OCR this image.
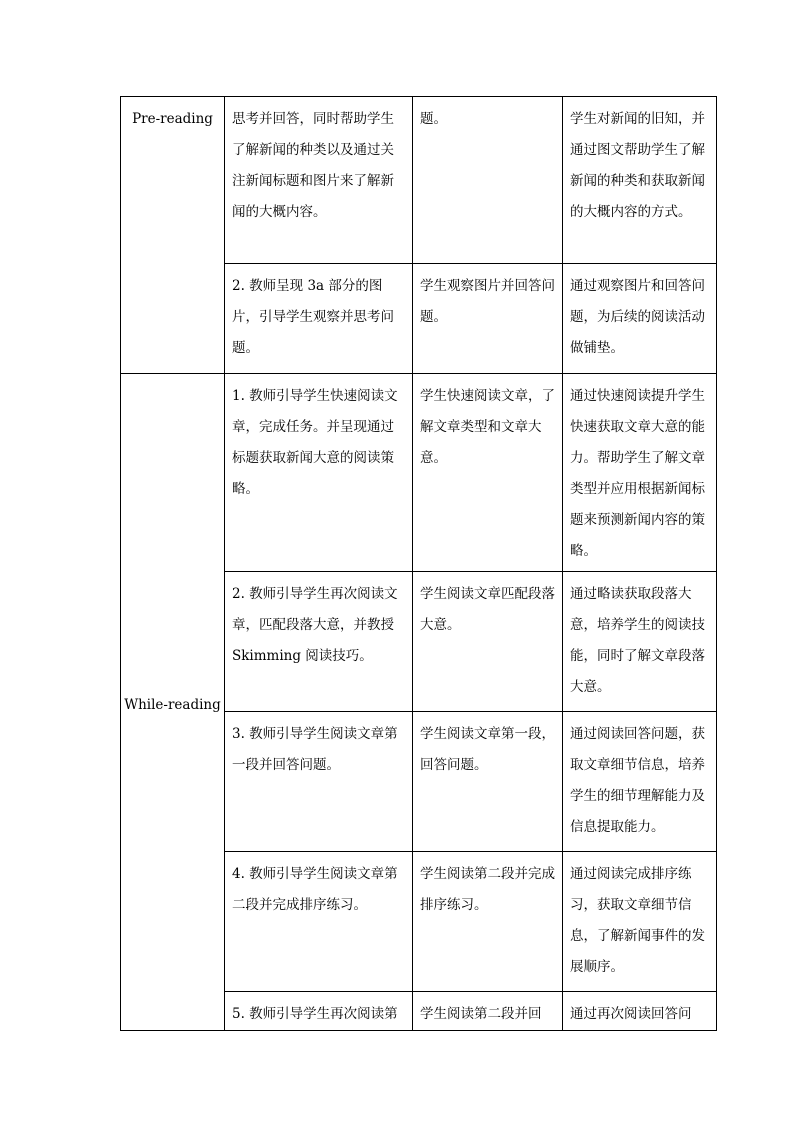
Pre-reading	思考并回答，同时帮助学生了解新闻的种类以及通过关注新闻标题和图片来了解新闻的大概内容。	题。	学生对新闻的旧知，并通过图文帮助学生了解新闻的种类和获取新闻的大概内容的方式。
	2. 教师呈现 3a 部分的图片，引导学生观察并思考问题。	学生观察图片并回答问题。	通过观察图片和回答问题，为后续的阅读活动做铺垫。
While-reading	1. 教师引导学生快速阅读文章，完成任务。并呈现通过标题获取新闻大意的阅读策略。	学生快速阅读文章，了解文章类型和文章大意。	通过快速阅读提升学生快速获取文章大意的能力。帮助学生了解文章类型并应用根据新闻标题来预测新闻内容的策略。
	2. 教师引导学生再次阅读文章，匹配段落大意，并教授 Skimming 阅读技巧。	学生阅读文章匹配段落大意。	通过略读获取段落大意，培养学生的阅读技能，同时了解文章段落大意。
	3. 教师引导学生阅读文章第一段并回答问题。	学生阅读文章第一段，回答问题。	通过阅读回答问题，获取文章细节信息，培养学生的细节理解能力及信息提取能力。
	4. 教师引导学生阅读文章第二段并完成排序练习。	学生阅读第二段并完成排序练习。	通过阅读完成排序练习，获取文章细节信息，了解新闻事件的发展顺序。
	5. 教师引导学生再次阅读第	学生阅读第二段并回	通过再次阅读回答问
